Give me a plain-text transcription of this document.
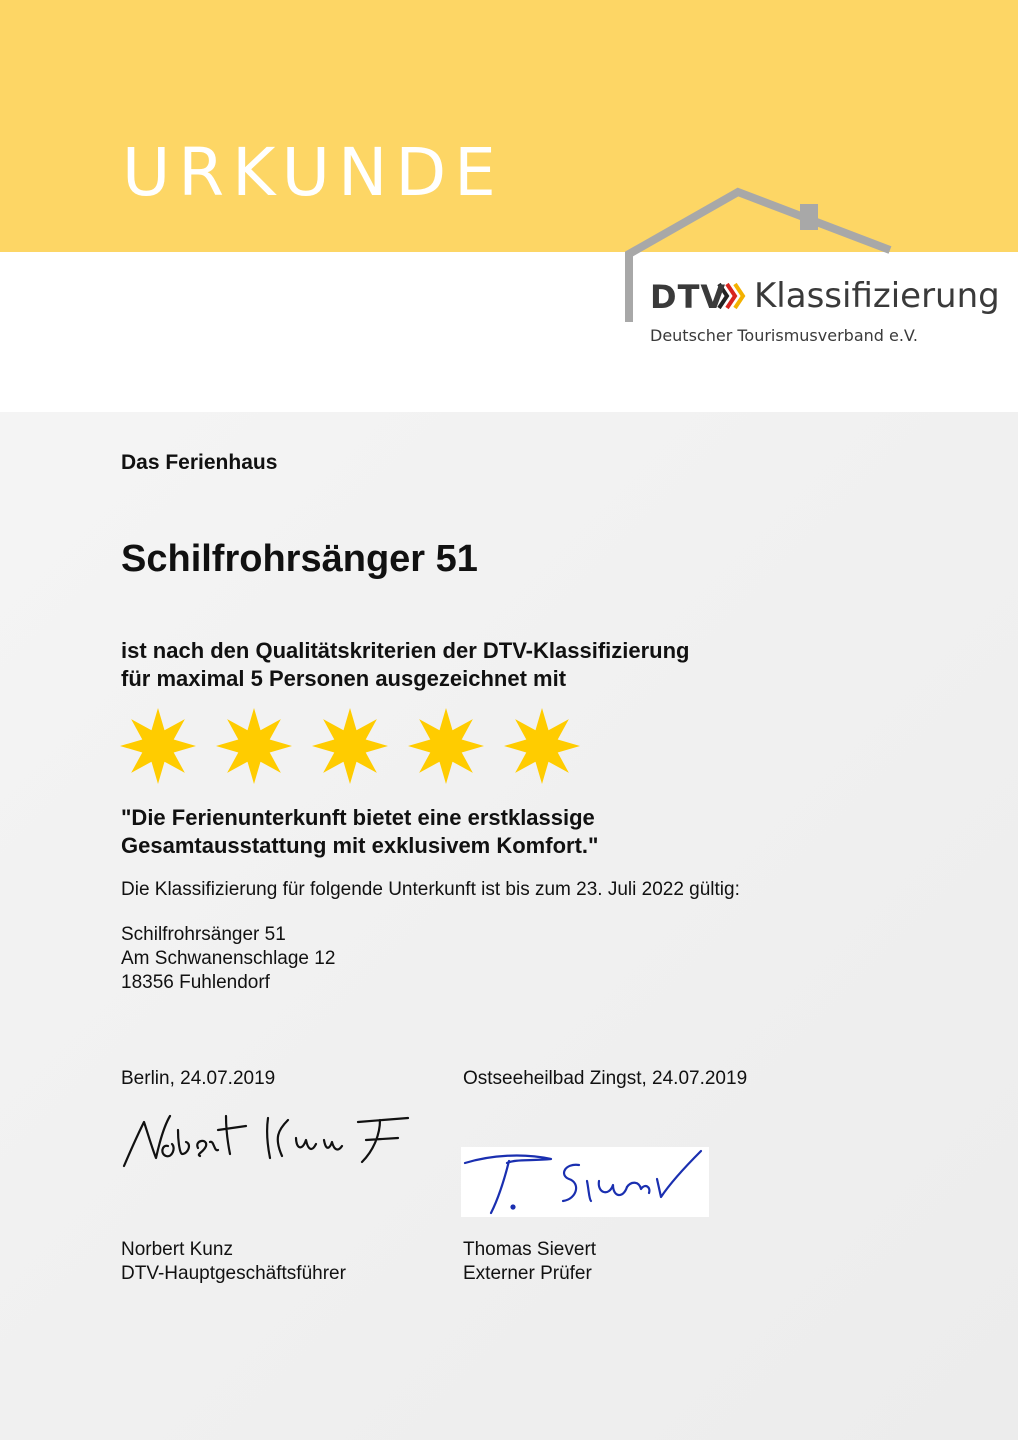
URKUNDE
DTV Klassifizierung
Deutscher Tourismusverband e.V.

Das Ferienhaus

Schilfrohrsänger 51

ist nach den Qualitätskriterien der DTV-Klassifizierung
für maximal 5 Personen ausgezeichnet mit

"Die Ferienunterkunft bietet eine erstklassige
Gesamtausstattung mit exklusivem Komfort."

Die Klassifizierung für folgende Unterkunft ist bis zum 23. Juli 2022 gültig:

Schilfrohrsänger 51
Am Schwanenschlage 12
18356 Fuhlendorf

Berlin, 24.07.2019	Ostseeheilbad Zingst, 24.07.2019

Norbert Kunz
DTV-Hauptgeschäftsführer

Thomas Sievert
Externer Prüfer
